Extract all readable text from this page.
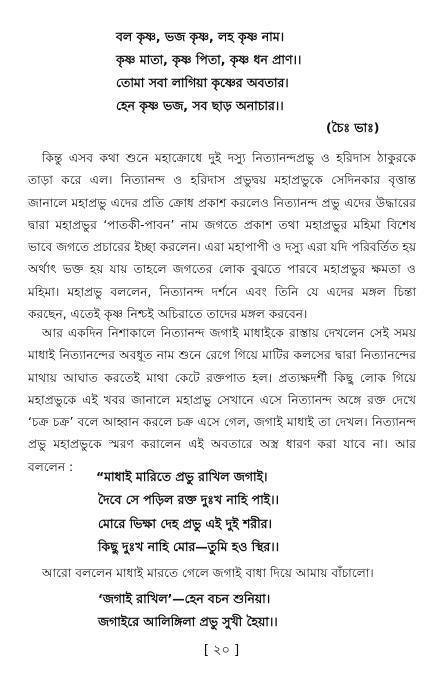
বল কৃষ্ণ, ভজ কৃষ্ণ, লহ কৃষ্ণ নাম।
কৃষ্ণ মাতা, কৃষ্ণ পিতা, কৃষ্ণ ধন প্রাণ।।
তোমা সবা লাগিয়া কৃষ্ণের অবতার।
হেন কৃষ্ণ ভজ, সব ছাড় অনাচার।।
(চৈঃ ভাঃ)

কিন্তু এসব কথা শুনে মহাক্রোধে দুই দস্যু নিত্যানন্দপ্রভু ও হরিদাস ঠাকুরকে তাড়া করে এল। নিত্যানন্দ ও হরিদাস প্রভুদ্বয় মহাপ্রভুকে সেদিনকার বৃত্তান্ত জানালে মহাপ্রভু এদের প্রতি ক্রোধ প্রকাশ করলেও নিত্যানন্দ প্রভু এদের উদ্ধারের দ্বারা মহাপ্রভুর ‘পাতকী-পাবন’ নাম জগতে প্রকাশ তথা মহাপ্রভুর মহিমা বিশেষ ভাবে জগতে প্রচারের ইচ্ছা করলেন। এরা মহাপাপী ও দস্যু এরা যদি পরিবর্তিত হয় অর্থাৎ ভক্ত হয় যায় তাহলে জগতের লোক বুঝতে পারবে মহাপ্রভুর ক্ষমতা ও মহিমা। মহাপ্রভু বললেন, নিত্যানন্দ দর্শনে এবং তিনি যে এদের মঙ্গল চিন্তা করছেন, এতেই কৃষ্ণ নিশ্চই অচিরাতে তাদের মঙ্গল করবেন।

আর একদিন নিশাকালে নিত্যানন্দ জগাই মাধাইকে রাস্তায় দেখলেন সেই সময় মাধাই নিত্যানন্দের অবধূত নাম শুনে রেগে গিয়ে মাটির কলসের দ্বারা নিত্যানন্দের মাথায় আঘাত করতেই মাথা কেটে রক্তপাত হল। প্রত্যক্ষদর্শী কিছু লোক গিয়ে মহাপ্রভুকে এই খবর জানালে মহাপ্রভু সেখানে এসে নিত্যানন্দ অঙ্গে রক্ত দেখে ‘চক্র চক্র’ বলে আহ্বান করলে চক্র এসে গেল, জগাই মাধাই তা দেখল। নিত্যানন্দ প্রভু মহাপ্রভুকে স্মরণ করালেন এই অবতারে অস্ত্র ধারণ করা যাবে না। আর বললেন :

“মাধাই মারিতে প্রভু রাখিল জগাই।
দৈবে সে পড়িল রক্ত দুঃখ নাহি পাই।।
মোরে ভিক্ষা দেহ প্রভু এই দুই শরীর।
কিছু দুঃখ নাহি মোর—তুমি হও স্থির।।

আরো বললেন মাধাই মারতে গেলে জগাই বাধা দিয়ে আমায় বাঁচালো।

‘জগাই রাখিল’—হেন বচন শুনিয়া।
জগাইরে আলিঙ্গিলা প্রভু সুখী হৈয়া।।
[ ২০ ]
